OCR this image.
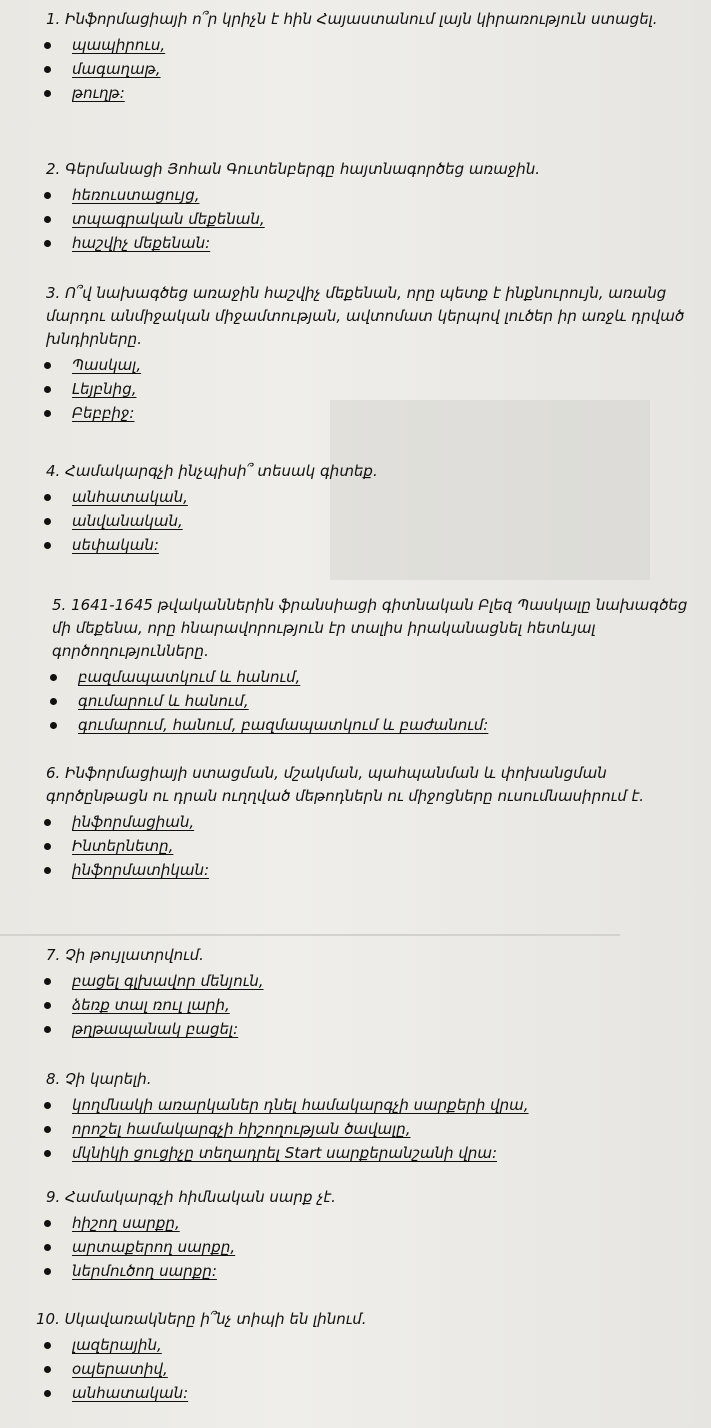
1. Ինֆորմացիայի ո՞ր կրիչն է հին Հայաստանում լայն կիրառություն ստացել.

պապիրուս,
մագաղաթ,
թուղթ:

2. Գերմանացի Յոհան Գուտենբերգը հայտնագործեց առաջին.

հեռուստացույց,
տպագրական մեքենան,
հաշվիչ մեքենան:

3. Ո՞վ նախագծեց առաջին հաշվիչ մեքենան, որը պետք է ինքնուրույն, առանց մարդու անմիջական միջամտության, ավտոմատ կերպով լուծեր իր առջև դրված խնդիրները.

Պասկալ,
Լեյբնից,
Բեբբիջ:

4. Համակարգչի ինչպիսի՞ տեսակ գիտեք.

անհատական,
անվանական,
սեփական:

5. 1641-1645 թվականներին ֆրանսիացի գիտնական Բլեզ Պասկալը նախագծեց մի մեքենա, որը հնարավորություն էր տալիս իրականացնել հետևյալ գործողությունները.

բազմապատկում և հանում,
գումարում և հանում,
գումարում, հանում, բազմապատկում և բաժանում:

6. Ինֆորմացիայի ստացման, մշակման, պահպանման և փոխանցման գործընթացն ու դրան ուղղված մեթոդներն ու միջոցները ուսումնասիրում է.

ինֆորմացիան,
Ինտերնետը,
ինֆորմատիկան:

7. Չի թույլատրվում.

բացել գլխավոր մենյուն,
ձեռք տալ ռուլ լարի,
թղթապանակ բացել:

8. Չի կարելի.

կողմնակի առարկաներ դնել համակարգչի սարքերի վրա,
որոշել համակարգչի հիշողության ծավալը,
մկնիկի ցուցիչը տեղադրել Start սարքերանշանի վրա:

9. Համակարգչի հիմնական սարք չէ.

հիշող սարքը,
արտաքերող սարքը,
ներմուծող սարքը:

10. Սկավառակները ի՞նչ տիպի են լինում.

լազերային,
օպերատիվ,
անհատական:
